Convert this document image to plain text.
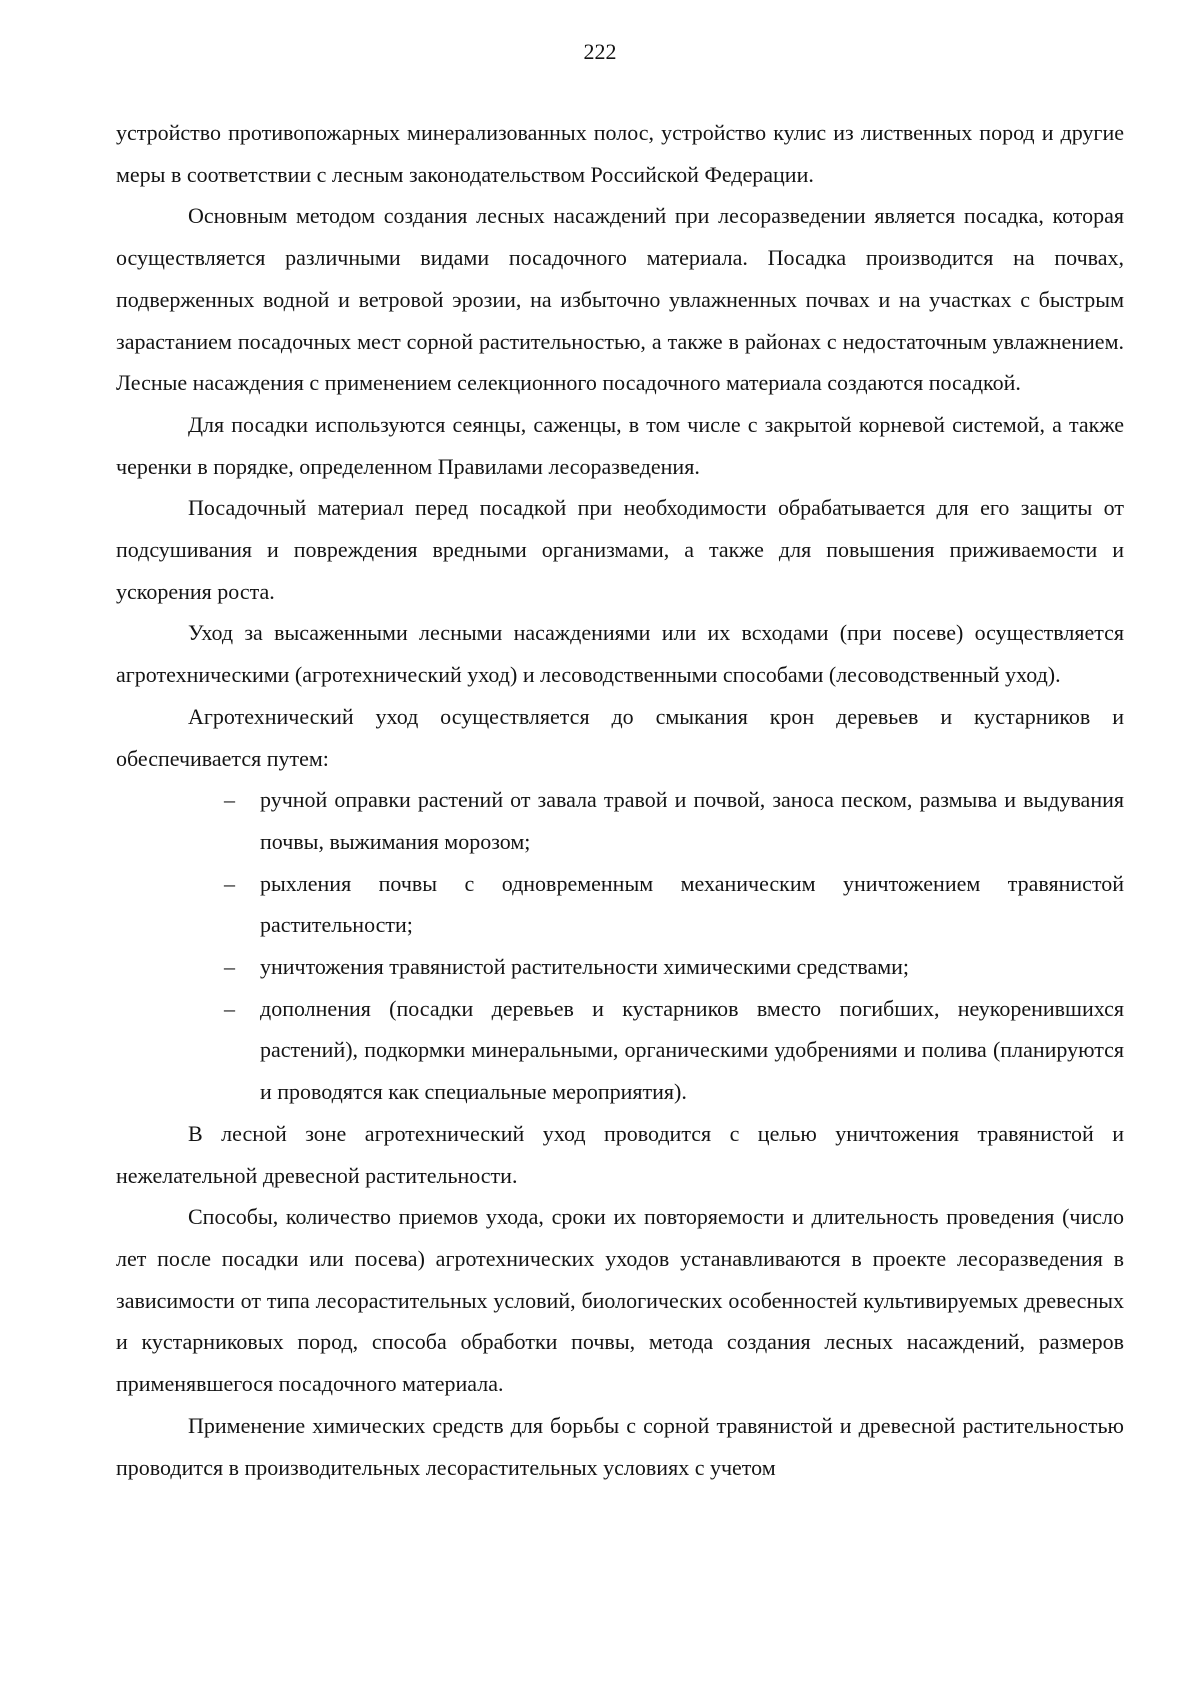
222

устройство противопожарных минерализованных полос, устройство кулис из лиственных пород и другие меры в соответствии с лесным законодательством Российской Федерации.

Основным методом создания лесных насаждений при лесоразведении является посадка, которая осуществляется различными видами посадочного материала. Посадка производится на почвах, подверженных водной и ветровой эрозии, на избыточно увлажненных почвах и на участках с быстрым зарастанием посадочных мест сорной растительностью, а также в районах с недостаточным увлажнением. Лесные насаждения с применением селекционного посадочного материала создаются посадкой.

Для посадки используются сеянцы, саженцы, в том числе с закрытой корневой системой, а также черенки в порядке, определенном Правилами лесоразведения.

Посадочный материал перед посадкой при необходимости обрабатывается для его защиты от подсушивания и повреждения вредными организмами, а также для повышения приживаемости и ускорения роста.

Уход за высаженными лесными насаждениями или их всходами (при посеве) осуществляется агротехническими (агротехнический уход) и лесоводственными способами (лесоводственный уход).

Агротехнический уход осуществляется до смыкания крон деревьев и кустарников и обеспечивается путем:

– ручной оправки растений от завала травой и почвой, заноса песком, размыва и выдувания почвы, выжимания морозом;
– рыхления почвы с одновременным механическим уничтожением травянистой растительности;
– уничтожения травянистой растительности химическими средствами;
– дополнения (посадки деревьев и кустарников вместо погибших, неукоренившихся растений), подкормки минеральными, органическими удобрениями и полива (планируются и проводятся как специальные мероприятия).

В лесной зоне агротехнический уход проводится с целью уничтожения травянистой и нежелательной древесной растительности.

Способы, количество приемов ухода, сроки их повторяемости и длительность проведения (число лет после посадки или посева) агротехнических уходов устанавливаются в проекте лесоразведения в зависимости от типа лесорастительных условий, биологических особенностей культивируемых древесных и кустарниковых пород, способа обработки почвы, метода создания лесных насаждений, размеров применявшегося посадочного материала.

Применение химических средств для борьбы с сорной травянистой и древесной растительностью проводится в производительных лесорастительных условиях с учетом
